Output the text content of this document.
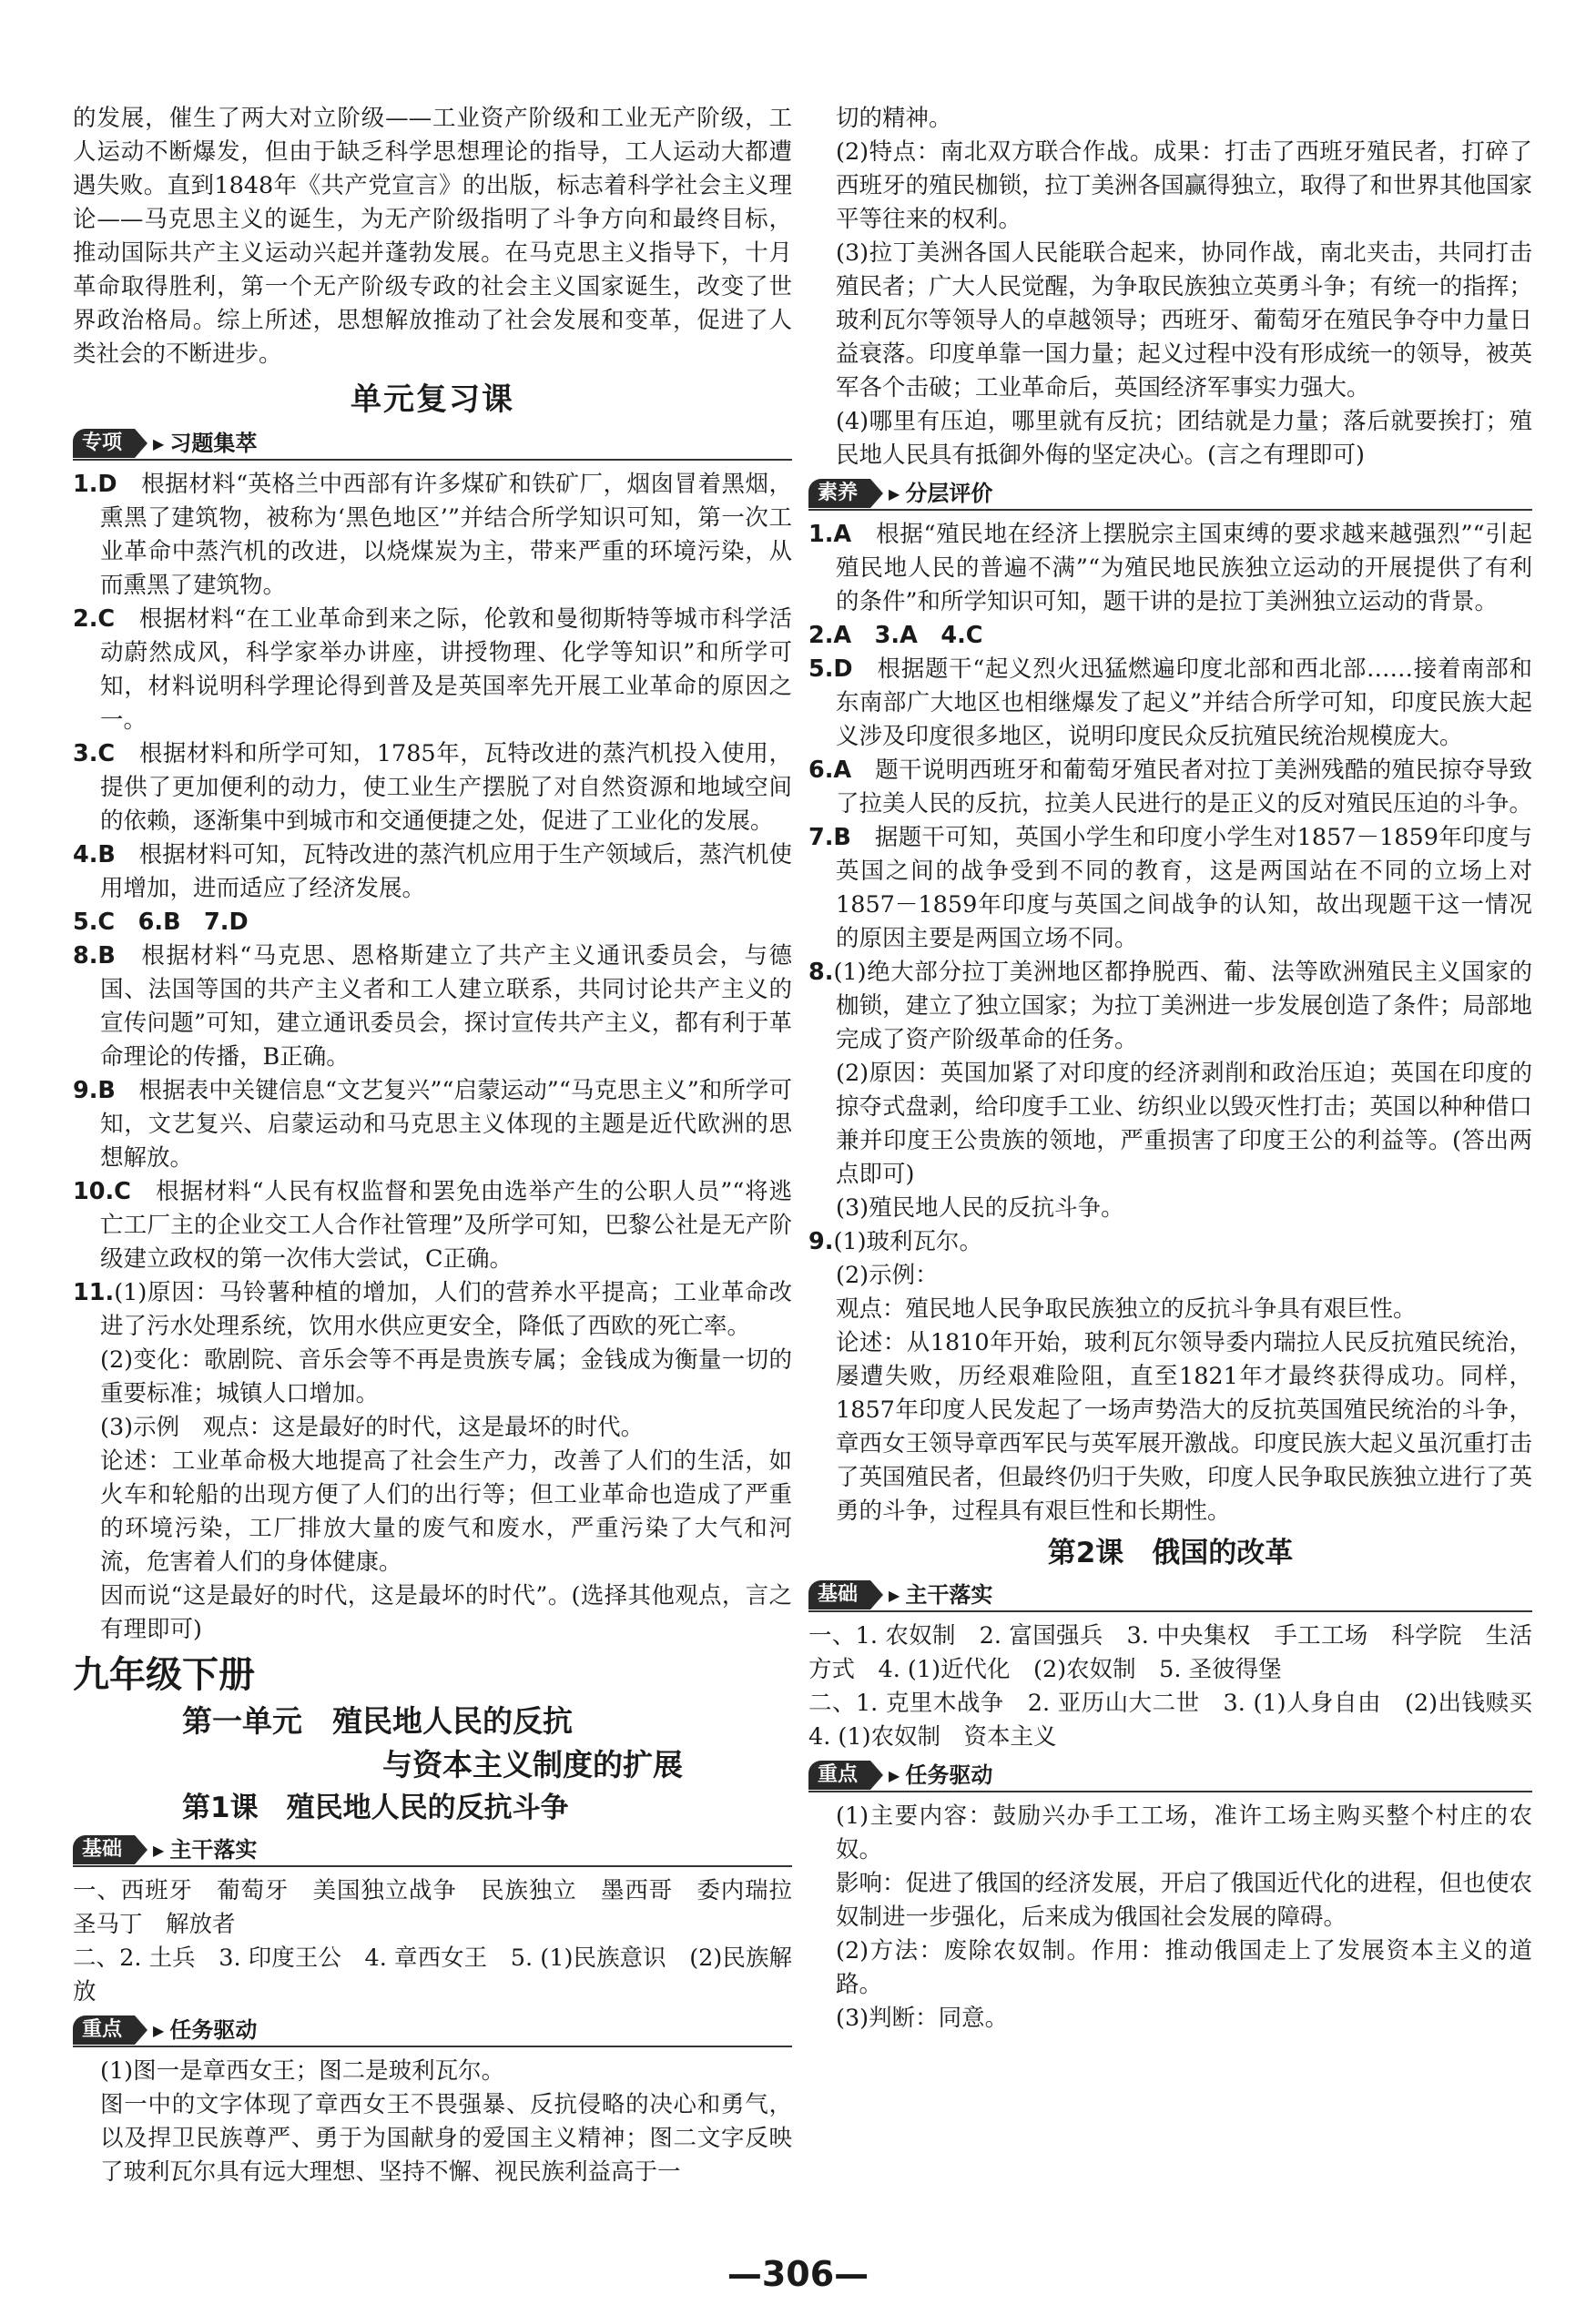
的发展，催生了两大对立阶级——工业资产阶级和工业无产阶级，工人运动不断爆发，但由于缺乏科学思想理论的指导，工人运动大都遭遇失败。直到1848年《共产党宣言》的出版，标志着科学社会主义理论——马克思主义的诞生，为无产阶级指明了斗争方向和最终目标，推动国际共产主义运动兴起并蓬勃发展。在马克思主义指导下，十月革命取得胜利，第一个无产阶级专政的社会主义国家诞生，改变了世界政治格局。综上所述，思想解放推动了社会发展和变革，促进了人类社会的不断进步。

单元复习课
专项	▶ 习题集萃

1.D　 根据材料“英格兰中西部有许多煤矿和铁矿厂，烟囱冒着黑烟，熏黑了建筑物，被称为‘黑色地区’”并结合所学知识可知，第一次工业革命中蒸汽机的改进，以烧煤炭为主，带来严重的环境污染，从而熏黑了建筑物。

2.C　 根据材料“在工业革命到来之际，伦敦和曼彻斯特等城市科学活动蔚然成风，科学家举办讲座，讲授物理、化学等知识”和所学可知，材料说明科学理论得到普及是英国率先开展工业革命的原因之一。

3.C　 根据材料和所学可知，1785年，瓦特改进的蒸汽机投入使用，提供了更加便利的动力，使工业生产摆脱了对自然资源和地域空间的依赖，逐渐集中到城市和交通便捷之处，促进了工业化的发展。

4.B　 根据材料可知，瓦特改进的蒸汽机应用于生产领域后，蒸汽机使用增加，进而适应了经济发展。

5.C　6.B　7.D

8.B　 根据材料“马克思、恩格斯建立了共产主义通讯委员会，与德国、法国等国的共产主义者和工人建立联系，共同讨论共产主义的宣传问题”可知，建立通讯委员会，探讨宣传共产主义，都有利于革命理论的传播，B正确。

9.B　 根据表中关键信息“文艺复兴”“启蒙运动”“马克思主义”和所学可知，文艺复兴、启蒙运动和马克思主义体现的主题是近代欧洲的思想解放。

10.C　 根据材料“人民有权监督和罢免由选举产生的公职人员”“将逃亡工厂主的企业交工人合作社管理”及所学可知，巴黎公社是无产阶级建立政权的第一次伟大尝试，C正确。

11.(1)原因：马铃薯种植的增加，人们的营养水平提高；工业革命改进了污水处理系统，饮用水供应更安全，降低了西欧的死亡率。

(2)变化：歌剧院、音乐会等不再是贵族专属；金钱成为衡量一切的重要标准；城镇人口增加。

(3)示例　观点：这是最好的时代，这是最坏的时代。

论述：工业革命极大地提高了社会生产力，改善了人们的生活，如火车和轮船的出现方便了人们的出行等；但工业革命也造成了严重的环境污染，工厂排放大量的废气和废水，严重污染了大气和河流，危害着人们的身体健康。

因而说“这是最好的时代，这是最坏的时代”。(选择其他观点，言之有理即可)

九年级下册
第一单元　殖民地人民的反抗
与资本主义制度的扩展
第1课　殖民地人民的反抗斗争
基础	▶ 主干落实

一、西班牙　葡萄牙　美国独立战争　民族独立　墨西哥　委内瑞拉　圣马丁　解放者

二、2. 土兵　3. 印度王公　4. 章西女王　5. (1)民族意识　(2)民族解放

重点	▶ 任务驱动

(1)图一是章西女王；图二是玻利瓦尔。

图一中的文字体现了章西女王不畏强暴、反抗侵略的决心和勇气，以及捍卫民族尊严、勇于为国献身的爱国主义精神；图二文字反映了玻利瓦尔具有远大理想、坚持不懈、视民族利益高于一

切的精神。

(2)特点：南北双方联合作战。成果：打击了西班牙殖民者，打碎了西班牙的殖民枷锁，拉丁美洲各国赢得独立，取得了和世界其他国家平等往来的权利。

(3)拉丁美洲各国人民能联合起来，协同作战，南北夹击，共同打击殖民者；广大人民觉醒，为争取民族独立英勇斗争；有统一的指挥；玻利瓦尔等领导人的卓越领导；西班牙、葡萄牙在殖民争夺中力量日益衰落。印度单靠一国力量；起义过程中没有形成统一的领导，被英军各个击破；工业革命后，英国经济军事实力强大。

(4)哪里有压迫，哪里就有反抗；团结就是力量；落后就要挨打；殖民地人民具有抵御外侮的坚定决心。(言之有理即可)

素养	▶ 分层评价

1.A　 根据“殖民地在经济上摆脱宗主国束缚的要求越来越强烈”“引起殖民地人民的普遍不满”“为殖民地民族独立运动的开展提供了有利的条件”和所学知识可知，题干讲的是拉丁美洲独立运动的背景。

2.A　3.A　4.C

5.D　 根据题干“起义烈火迅猛燃遍印度北部和西北部……接着南部和东南部广大地区也相继爆发了起义”并结合所学可知，印度民族大起义涉及印度很多地区，说明印度民众反抗殖民统治规模庞大。

6.A　 题干说明西班牙和葡萄牙殖民者对拉丁美洲残酷的殖民掠夺导致了拉美人民的反抗，拉美人民进行的是正义的反对殖民压迫的斗争。

7.B　 据题干可知，英国小学生和印度小学生对1857－1859年印度与英国之间的战争受到不同的教育，这是两国站在不同的立场上对1857－1859年印度与英国之间战争的认知，故出现题干这一情况的原因主要是两国立场不同。

8.(1)绝大部分拉丁美洲地区都挣脱西、葡、法等欧洲殖民主义国家的枷锁，建立了独立国家；为拉丁美洲进一步发展创造了条件；局部地完成了资产阶级革命的任务。

(2)原因：英国加紧了对印度的经济剥削和政治压迫；英国在印度的掠夺式盘剥，给印度手工业、纺织业以毁灭性打击；英国以种种借口兼并印度王公贵族的领地，严重损害了印度王公的利益等。(答出两点即可)

(3)殖民地人民的反抗斗争。

9.(1)玻利瓦尔。

(2)示例：

观点：殖民地人民争取民族独立的反抗斗争具有艰巨性。

论述：从1810年开始，玻利瓦尔领导委内瑞拉人民反抗殖民统治，屡遭失败，历经艰难险阻，直至1821年才最终获得成功。同样，1857年印度人民发起了一场声势浩大的反抗英国殖民统治的斗争，章西女王领导章西军民与英军展开激战。印度民族大起义虽沉重打击了英国殖民者，但最终仍归于失败，印度人民争取民族独立进行了英勇的斗争，过程具有艰巨性和长期性。

第2课　俄国的改革
基础	▶ 主干落实

一、1. 农奴制　2. 富国强兵　3. 中央集权　手工工场　科学院　生活方式　4. (1)近代化　(2)农奴制　5. 圣彼得堡

二、1. 克里木战争　2. 亚历山大二世　3. (1)人身自由　(2)出钱赎买　4. (1)农奴制　资本主义

重点	▶ 任务驱动

(1)主要内容：鼓励兴办手工工场，准许工场主购买整个村庄的农奴。

影响：促进了俄国的经济发展，开启了俄国近代化的进程，但也使农奴制进一步强化，后来成为俄国社会发展的障碍。

(2)方法：废除农奴制。作用：推动俄国走上了发展资本主义的道路。

(3)判断：同意。

—306—
